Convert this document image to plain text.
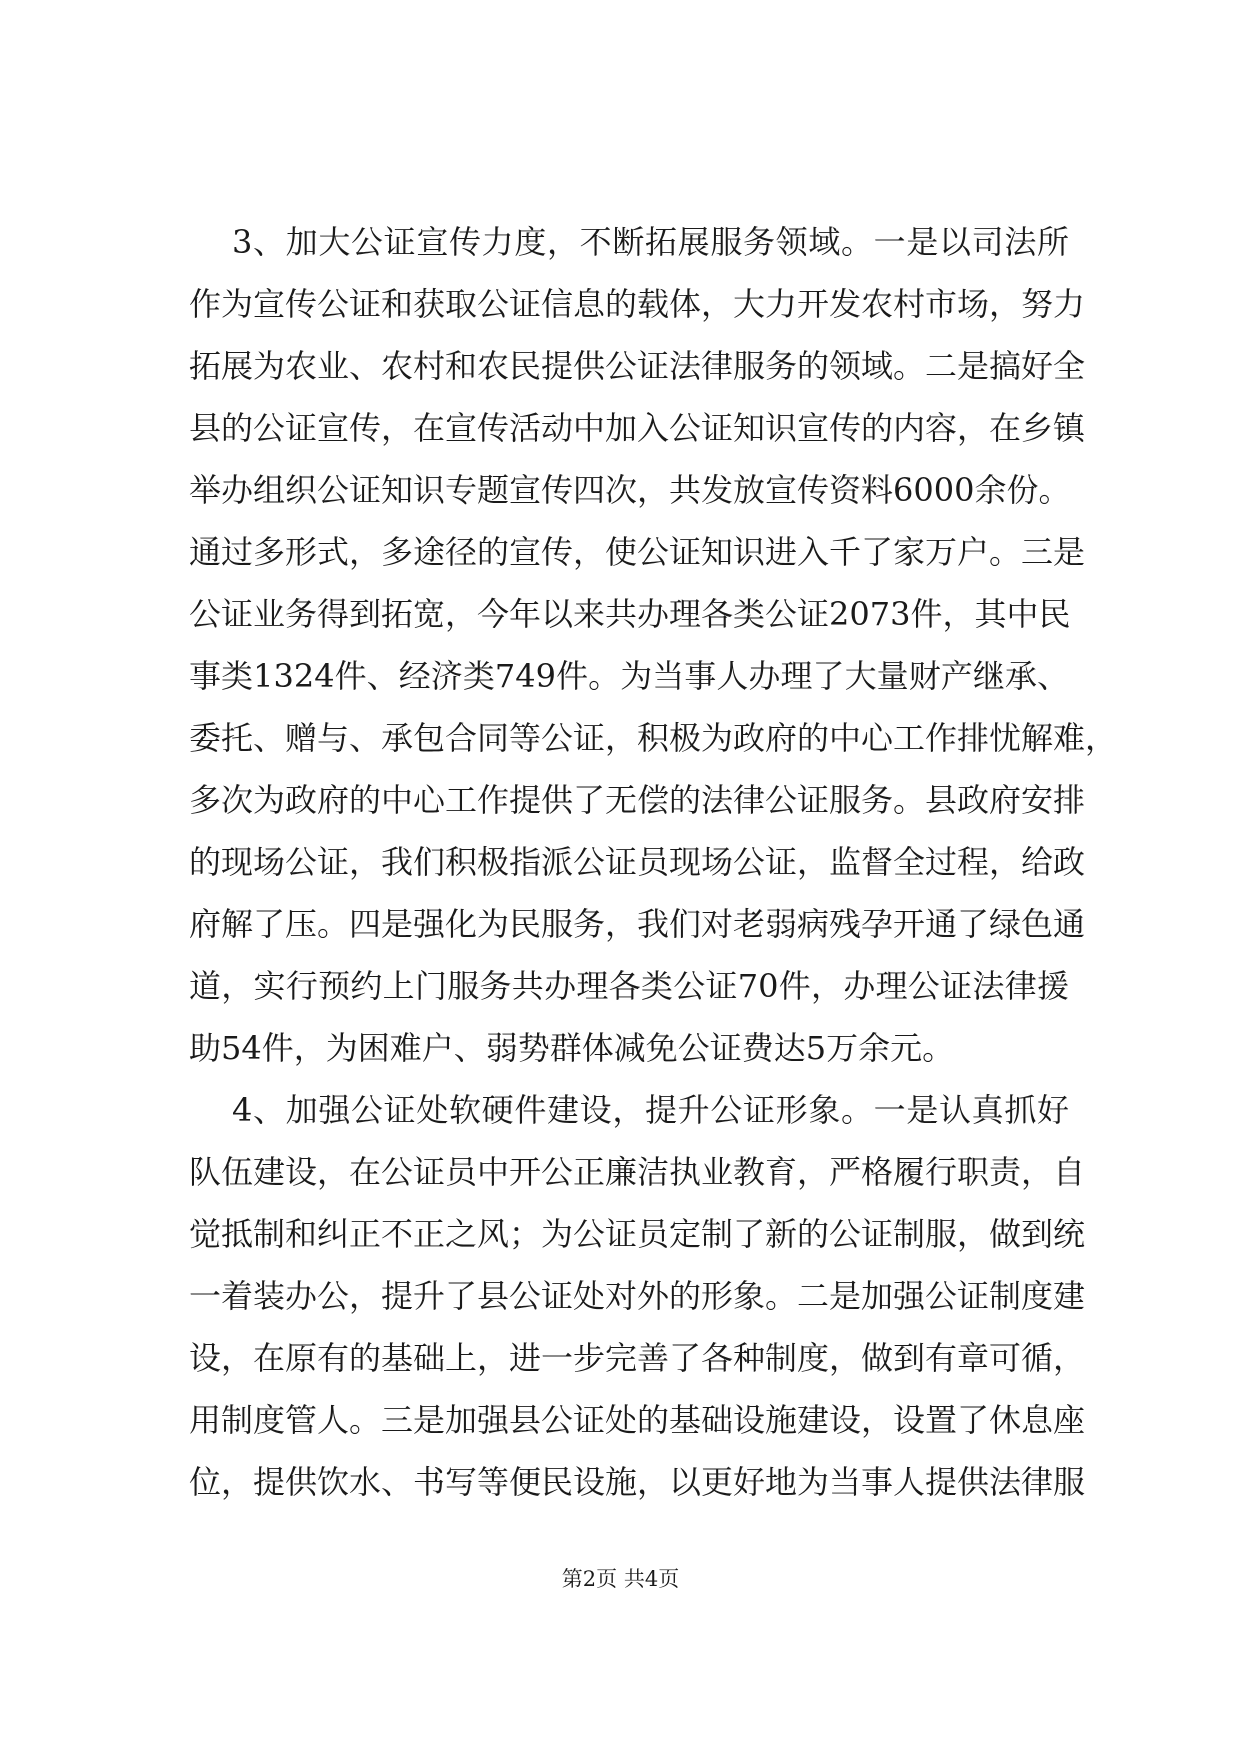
3、加大公证宣传力度，不断拓展服务领域。一是以司法所
作为宣传公证和获取公证信息的载体，大力开发农村市场，努力
拓展为农业、农村和农民提供公证法律服务的领域。二是搞好全
县的公证宣传，在宣传活动中加入公证知识宣传的内容，在乡镇
举办组织公证知识专题宣传四次，共发放宣传资料6000余份。
通过多形式，多途径的宣传，使公证知识进入千了家万户。三是
公证业务得到拓宽，今年以来共办理各类公证2073件，其中民
事类1324件、经济类749件。为当事人办理了大量财产继承、
委托、赠与、承包合同等公证，积极为政府的中心工作排忧解难，
多次为政府的中心工作提供了无偿的法律公证服务。县政府安排
的现场公证，我们积极指派公证员现场公证，监督全过程，给政
府解了压。四是强化为民服务，我们对老弱病残孕开通了绿色通
道，实行预约上门服务共办理各类公证70件，办理公证法律援
助54件，为困难户、弱势群体减免公证费达5万余元。
4、加强公证处软硬件建设，提升公证形象。一是认真抓好
队伍建设，在公证员中开公正廉洁执业教育，严格履行职责，自
觉抵制和纠正不正之风；为公证员定制了新的公证制服，做到统
一着装办公，提升了县公证处对外的形象。二是加强公证制度建
设，在原有的基础上，进一步完善了各种制度，做到有章可循，
用制度管人。三是加强县公证处的基础设施建设，设置了休息座
位，提供饮水、书写等便民设施，以更好地为当事人提供法律服
第2页 共4页
